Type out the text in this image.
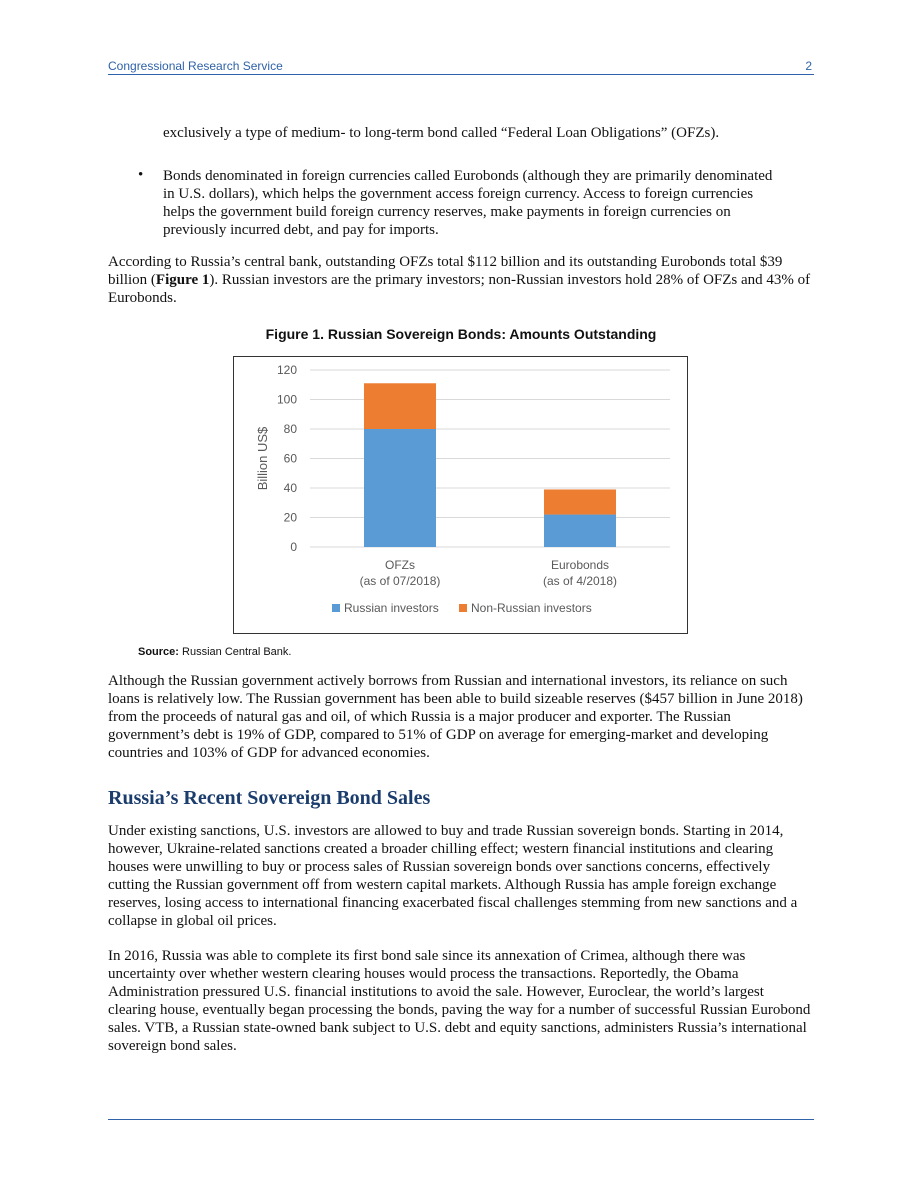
Congressional Research Service	2
exclusively a type of medium- to long-term bond called “Federal Loan Obligations” (OFZs).
• Bonds denominated in foreign currencies called Eurobonds (although they are primarily denominated in U.S. dollars), which helps the government access foreign currency. Access to foreign currencies helps the government build foreign currency reserves, make payments in foreign currencies on previously incurred debt, and pay for imports.
According to Russia’s central bank, outstanding OFZs total $112 billion and its outstanding Eurobonds total $39 billion (Figure 1). Russian investors are the primary investors; non-Russian investors hold 28% of OFZs and 43% of Eurobonds.
Figure 1. Russian Sovereign Bonds: Amounts Outstanding
0
20
40
60
80
100
120
Billion US$
OFZs
(as of 07/2018)
Eurobonds
(as of 4/2018)
Russian investors	Non-Russian investors
Source: Russian Central Bank.
Although the Russian government actively borrows from Russian and international investors, its reliance on such loans is relatively low. The Russian government has been able to build sizeable reserves ($457 billion in June 2018) from the proceeds of natural gas and oil, of which Russia is a major producer and exporter. The Russian government’s debt is 19% of GDP, compared to 51% of GDP on average for emerging-market and developing countries and 103% of GDP for advanced economies.
Russia’s Recent Sovereign Bond Sales
Under existing sanctions, U.S. investors are allowed to buy and trade Russian sovereign bonds. Starting in 2014, however, Ukraine-related sanctions created a broader chilling effect; western financial institutions and clearing houses were unwilling to buy or process sales of Russian sovereign bonds over sanctions concerns, effectively cutting the Russian government off from western capital markets. Although Russia has ample foreign exchange reserves, losing access to international financing exacerbated fiscal challenges stemming from new sanctions and a collapse in global oil prices.
In 2016, Russia was able to complete its first bond sale since its annexation of Crimea, although there was uncertainty over whether western clearing houses would process the transactions. Reportedly, the Obama Administration pressured U.S. financial institutions to avoid the sale. However, Euroclear, the world’s largest clearing house, eventually began processing the bonds, paving the way for a number of successful Russian Eurobond sales. VTB, a Russian state-owned bank subject to U.S. debt and equity sanctions, administers Russia’s international sovereign bond sales.
